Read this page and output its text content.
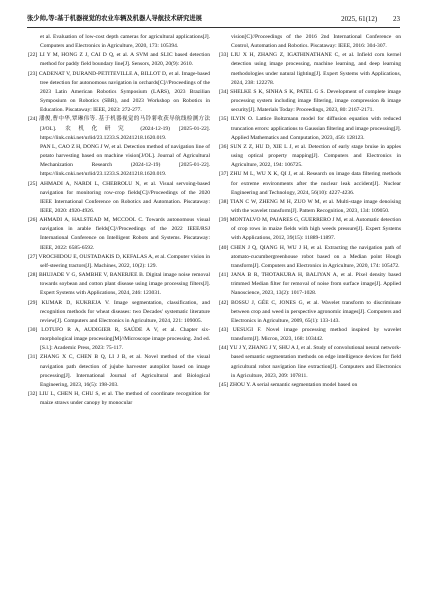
张少帅,等:基于机器视觉的农业车辆及机器人导航技术研究进展	2025, 61(12) 23

et al. Evaluation of low-cost depth cameras for agricultural applications[J]. Computers and Electronics in Agriculture, 2020, 173: 105394.

[22] LI Y M, HONG Z J, CAI D Q, et al. A SVM and SLIC based detection method for paddy field boundary line[J]. Sensors, 2020, 20(9): 2610.

[23] CADENAT V, DURAND-PETITEVILLE A, BILLOT D, et al. Image-based tree detection for autonomous navigation in orchards[C]//Proceedings of the 2023 Latin American Robotics Symposium (LARS), 2023 Brazilian Symposium on Robotics (SBR), and 2023 Workshop on Robotics in Education. Piscataway: IEEE, 2023: 272-277.

[24] 潘俊,曹中华,覃琳伟等. 基于机器视觉的马铃薯收获导航线检测方法[J/OL]. 农机化研究 (2024-12-19) [2025-01-22]. https://link.cnki.net/urlid/23.1233.S.20241218.1620.019.

PAN L, CAO Z H, DONG J W, et al. Detection method of navigation line of potato harvesting based on machine vision[J/OL]. Journal of Agricultural Mechanization Research (2024-12-19) [2025-01-22]. https://link.cnki.net/urlid/23.1233.S.20241218.1620.019.

[25] AHMADI A, NARDI L, CHEBROLU N, et al. Visual servoing-based navigation for monitoring row-crop fields[C]//Proceedings of the 2020 IEEE International Conference on Robotics and Automation. Piscataway: IEEE, 2020: 4920-4926.

[26] AHMADI A, HALSTEAD M, MCCOOL C. Towards autonomous visual navigation in arable fields[C]//Proceedings of the 2022 IEEE/RSJ International Conference on Intelligent Robots and Systems. Piscataway: IEEE, 2022: 6585-6592.

[27] VROCHIDOU E, OUSTADAKIS D, KEFALAS A, et al. Computer vision in self-steering tractors[J]. Machines, 2022, 10(2): 129.

[28] BHUJADE V G, SAMBHE V, BANERJEE B. Digital image noise removal towards soybean and cotton plant disease using image processing filters[J]. Expert Systems with Applications, 2024, 246: 123031.

[29] KUMAR D, KUKREJA V. Image segmentation, classification, and recognition methods for wheat diseases: two Decades' systematic literature review[J]. Computers and Electronics in Agriculture, 2024, 221: 109005.

[30] LOTUFO R A, AUDIGIER R, SAÚDE A V, et al. Chapter six-morphological image processing[M]//Microscope image processing. 2nd ed. [S.l.]: Academic Press, 2023: 75-117.

[31] ZHANG X C, CHEN B Q, LI J B, et al. Novel method of the visual navigation path detection of jujube harvester autopilot based on image processing[J]. International Journal of Agricultural and Biological Engineering, 2023, 16(5): 198-203.

[32] LIU L, CHEN H, CHU S, et al. The method of coordinate recognition for maize straws under canopy by monocular

vision[C]//Proceedings of the 2016 2nd International Conference on Control, Automation and Robotics. Piscataway: IEEE, 2016: 304-307.

[33] LIU X H, ZHANG Z, IGATHINATHANE C, et al. Infield corn kernel detection using image processing, machine learning, and deep learning methodologies under natural lighting[J]. Expert Systems with Applications, 2024, 238: 122278.

[34] SHELKE S K, SINHA S K, PATEL G S. Development of complete image processing system including image filtering, image compression & image security[J]. Materials Today: Proceedings, 2023, 80: 2167-2171.

[35] ILYIN O. Lattice Boltzmann model for diffusion equation with reduced truncation errors: applications to Gaussian filtering and image processing[J]. Applied Mathematics and Computation, 2023, 456: 128123.

[36] SUN Z Z, HU D, XIE L J, et al. Detection of early stage bruise in apples using optical property mapping[J]. Computers and Electronics in Agriculture, 2022, 194: 106725.

[37] ZHU M L, WU X K, QI J, et al. Research on image data filtering methods for extreme environments after the nuclear leak accident[J]. Nuclear Engineering and Technology, 2024, 56(10): 4227-4236.

[38] TIAN C W, ZHENG M H, ZUO W M, et al. Multi-stage image denoising with the wavelet transform[J]. Pattern Recognition, 2023, 134: 109050.

[39] MONTALVO M, PAJARES G, GUERRERO J M, et al. Automatic detection of crop rows in maize fields with high weeds pressure[J]. Expert Systems with Applications, 2012, 39(15): 11889-11897.

[40] CHEN J Q, QIANG H, WU J H, et al. Extracting the navigation path of atomato-cucumbergreenhouse robot based on a Median point Hough transform[J]. Computers and Electronics in Agriculture, 2020, 174: 105472.

[41] JANA B R, THOTAKURA H, BALIYAN A, et al. Pixel density based trimmed Median filter for removal of noise from surface image[J]. Applied Nanoscience, 2023, 13(2): 1017-1028.

[42] BOSSU J, GÉE C, JONES G, et al. Wavelet transform to discriminate between crop and weed in perspective agronomic images[J]. Computers and Electronics in Agriculture, 2009, 65(1): 133-143.

[43] UESUGI F. Novel image processing method inspired by wavelet transform[J]. Micron, 2023, 168: 103442.

[44] YU J Y, ZHANG J Y, SHU A J, et al. Study of convolutional neural network-based semantic segmentation methods on edge intelligence devices for field agricultural robot navigation line extraction[J]. Computers and Electronics in Agriculture, 2023, 209: 107811.

[45] ZHOU Y. A serial semantic segmentation model based on
